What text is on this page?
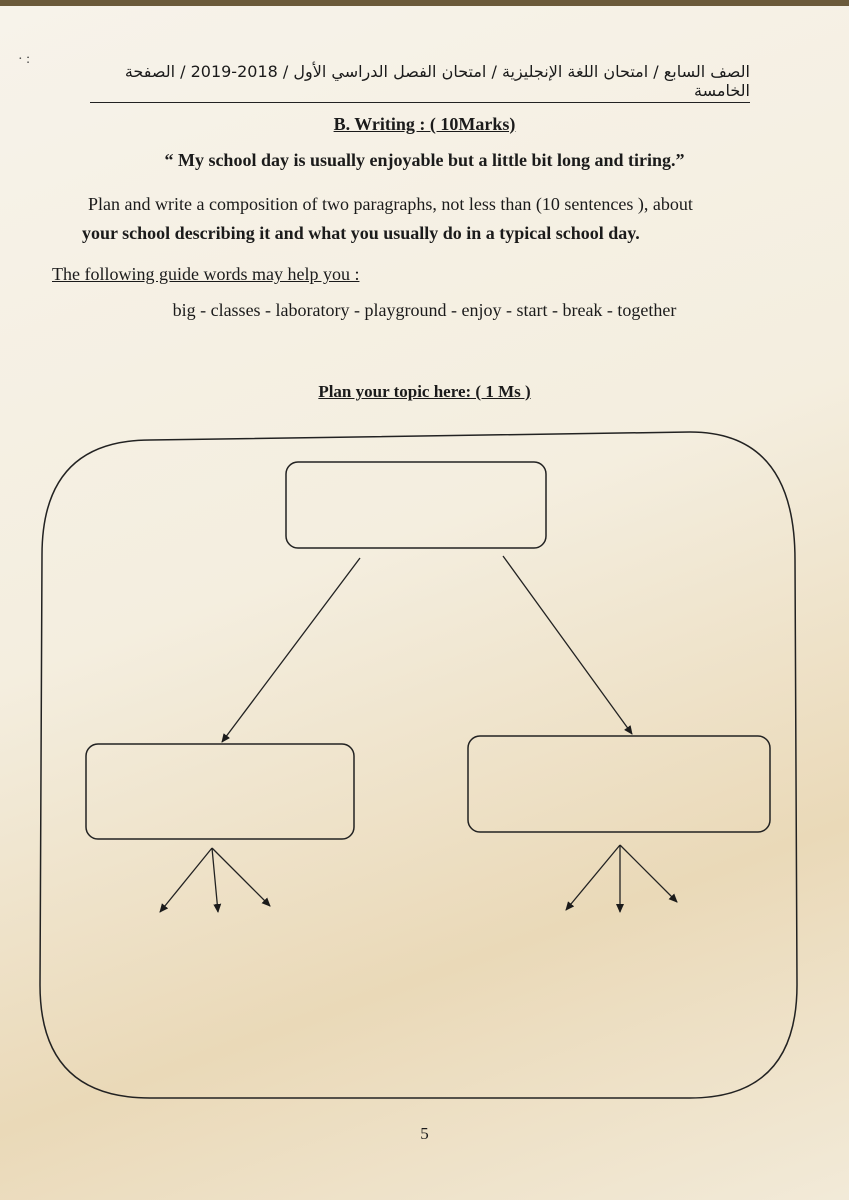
· :
الصف السابع / امتحان اللغة الإنجليزية / امتحان الفصل الدراسي الأول / 2018-2019 / الصفحة الخامسة
B. Writing : ( 10Marks)
“ My school day is usually enjoyable but a little bit long and tiring.”
Plan and write a composition of two paragraphs, not less than (10 sentences ), about
your school describing it and what you usually do in a typical school day.
The following guide words may help you :
big - classes - laboratory - playground - enjoy - start - break - together
Plan your topic here: ( 1 Ms )
5
